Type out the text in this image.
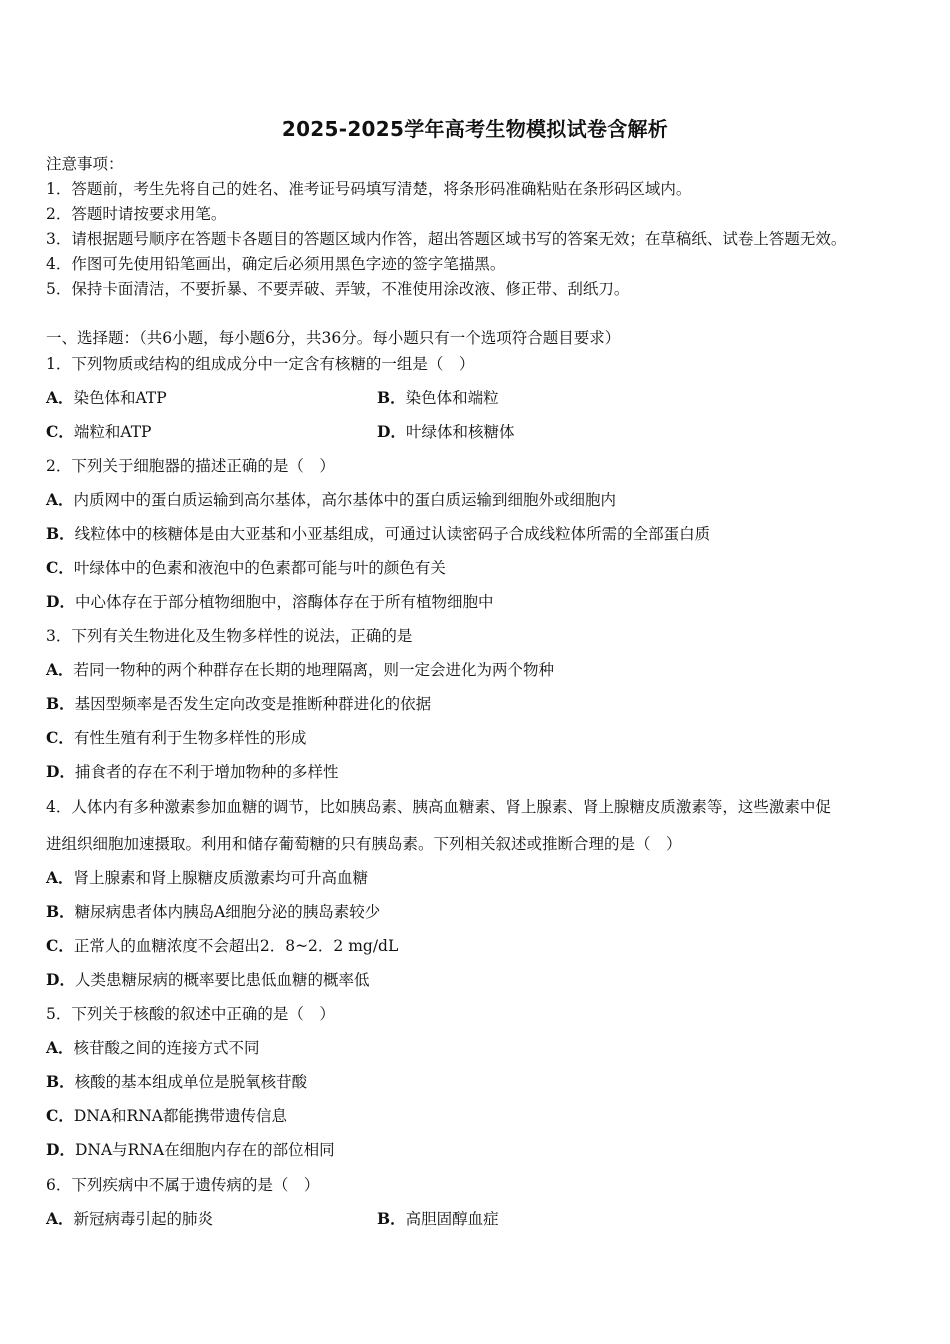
2025-2025学年高考生物模拟试卷含解析
注意事项：
1．答题前，考生先将自己的姓名、准考证号码填写清楚，将条形码准确粘贴在条形码区域内。
2．答题时请按要求用笔。
3．请根据题号顺序在答题卡各题目的答题区域内作答，超出答题区域书写的答案无效；在草稿纸、试卷上答题无效。
4．作图可先使用铅笔画出，确定后必须用黑色字迹的签字笔描黑。
5．保持卡面清洁，不要折暴、不要弄破、弄皱，不准使用涂改液、修正带、刮纸刀。
一、选择题：（共6小题，每小题6分，共36分。每小题只有一个选项符合题目要求）
1．下列物质或结构的组成成分中一定含有核糖的一组是（　）
A．染色体和ATP	B．染色体和端粒
C．端粒和ATP	D．叶绿体和核糖体
2．下列关于细胞器的描述正确的是（　）
A．内质网中的蛋白质运输到高尔基体，高尔基体中的蛋白质运输到细胞外或细胞内
B．线粒体中的核糖体是由大亚基和小亚基组成，可通过认读密码子合成线粒体所需的全部蛋白质
C．叶绿体中的色素和液泡中的色素都可能与叶的颜色有关
D．中心体存在于部分植物细胞中，溶酶体存在于所有植物细胞中
3．下列有关生物进化及生物多样性的说法，正确的是
A．若同一物种的两个种群存在长期的地理隔离，则一定会进化为两个物种
B．基因型频率是否发生定向改变是推断种群进化的依据
C．有性生殖有利于生物多样性的形成
D．捕食者的存在不利于增加物种的多样性
4．人体内有多种激素参加血糖的调节，比如胰岛素、胰高血糖素、肾上腺素、肾上腺糖皮质激素等，这些激素中促
进组织细胞加速摄取。利用和储存葡萄糖的只有胰岛素。下列相关叙述或推断合理的是（　）
A．肾上腺素和肾上腺糖皮质激素均可升高血糖
B．糖尿病患者体内胰岛A细胞分泌的胰岛素较少
C．正常人的血糖浓度不会超出2．8~2．2 mg/dL
D．人类患糖尿病的概率要比患低血糖的概率低
5．下列关于核酸的叙述中正确的是（　）
A．核苷酸之间的连接方式不同
B．核酸的基本组成单位是脱氧核苷酸
C．DNA和RNA都能携带遗传信息
D．DNA与RNA在细胞内存在的部位相同
6．下列疾病中不属于遗传病的是（　）
A．新冠病毒引起的肺炎	B．高胆固醇血症
